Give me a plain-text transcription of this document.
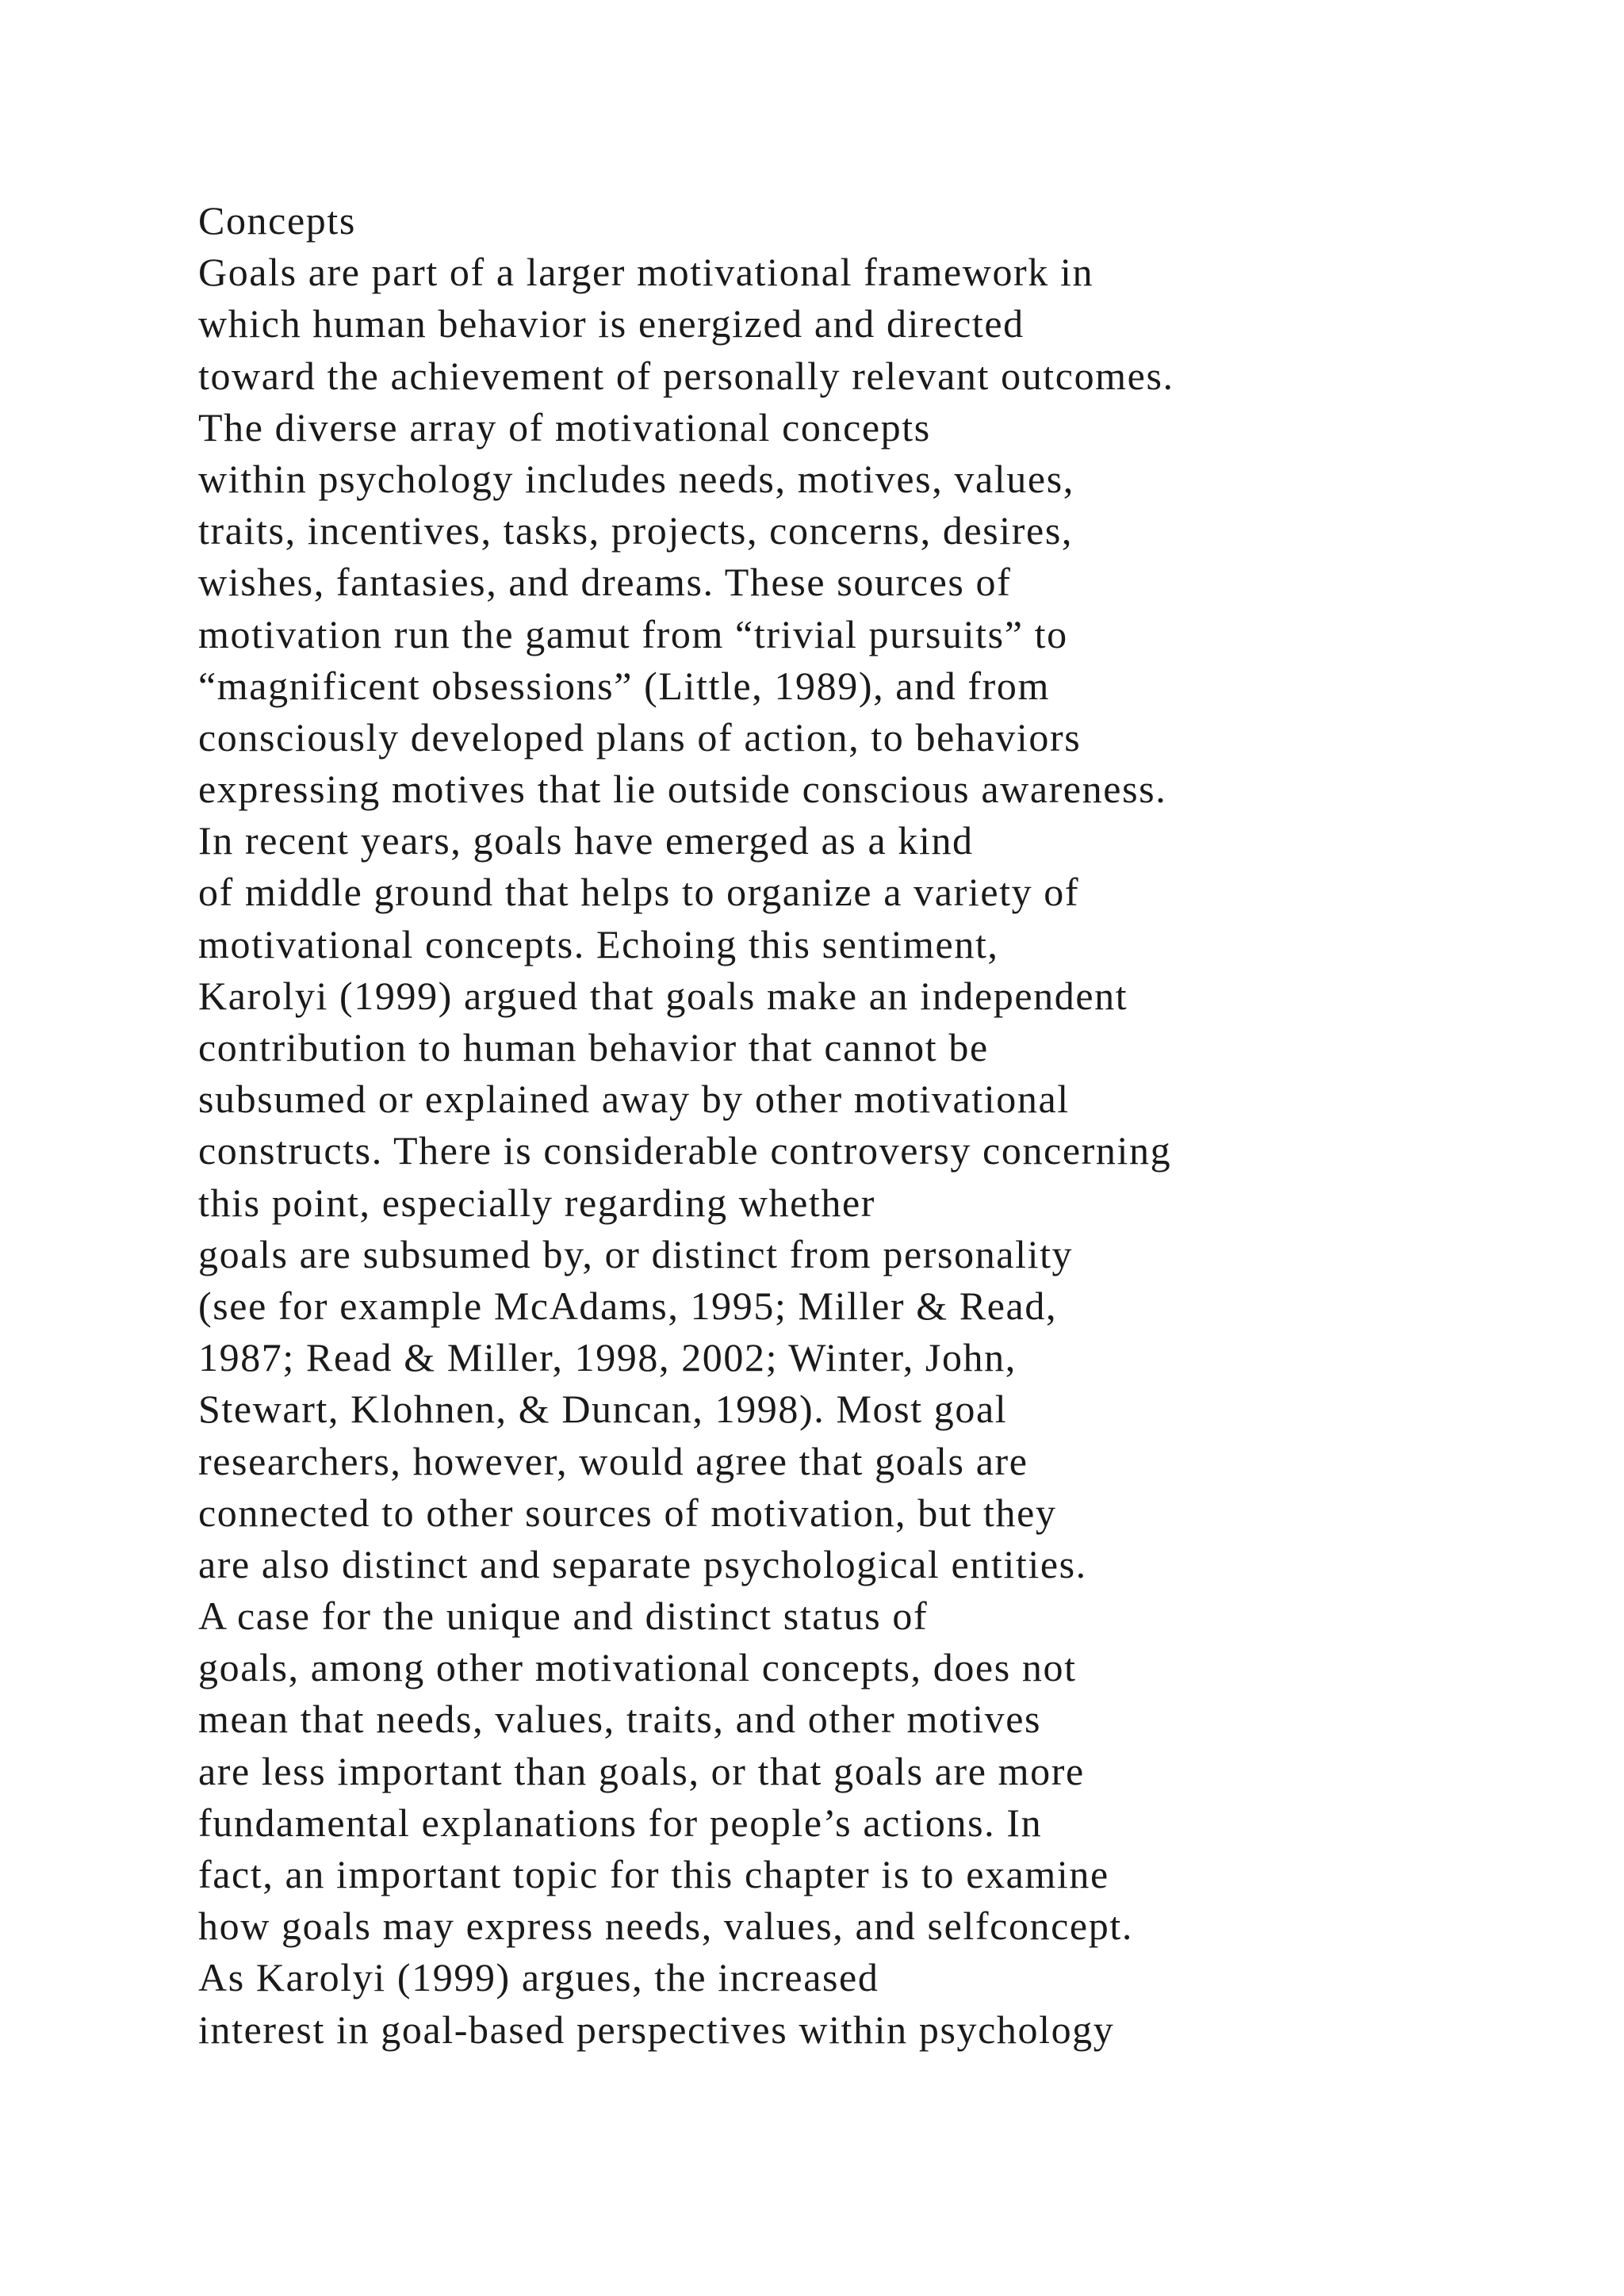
Concepts
Goals are part of a larger motivational framework in
which human behavior is energized and directed
toward the achievement of personally relevant outcomes.
The diverse array of motivational concepts
within psychology includes needs, motives, values,
traits, incentives, tasks, projects, concerns, desires,
wishes, fantasies, and dreams. These sources of
motivation run the gamut from “trivial pursuits” to
“magnificent obsessions” (Little, 1989), and from
consciously developed plans of action, to behaviors
expressing motives that lie outside conscious awareness.
In recent years, goals have emerged as a kind
of middle ground that helps to organize a variety of
motivational concepts. Echoing this sentiment,
Karolyi (1999) argued that goals make an independent
contribution to human behavior that cannot be
subsumed or explained away by other motivational
constructs. There is considerable controversy concerning
this point, especially regarding whether
goals are subsumed by, or distinct from personality
(see for example McAdams, 1995; Miller & Read,
1987; Read & Miller, 1998, 2002; Winter, John,
Stewart, Klohnen, & Duncan, 1998). Most goal
researchers, however, would agree that goals are
connected to other sources of motivation, but they
are also distinct and separate psychological entities.
A case for the unique and distinct status of
goals, among other motivational concepts, does not
mean that needs, values, traits, and other motives
are less important than goals, or that goals are more
fundamental explanations for people’s actions. In
fact, an important topic for this chapter is to examine
how goals may express needs, values, and selfconcept.
As Karolyi (1999) argues, the increased
interest in goal-based perspectives within psychology
